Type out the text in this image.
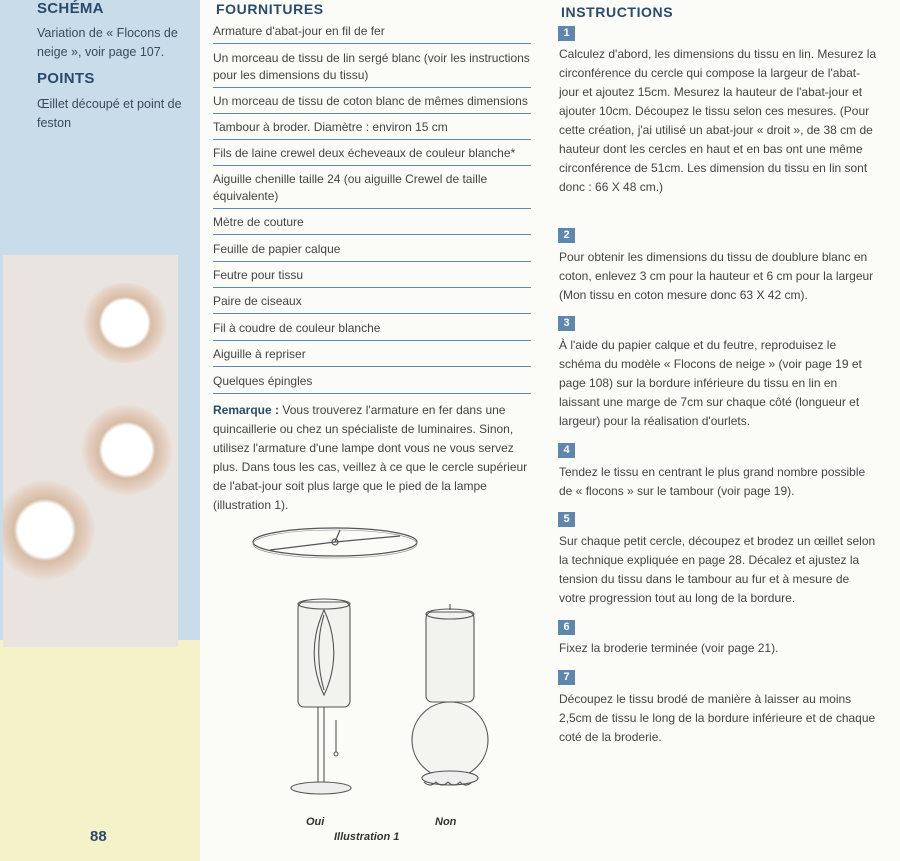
SCHÉMA
Variation de « Flocons de neige », voir page 107.
POINTS
Œillet découpé et point de feston
88
FOURNITURES
Armature d'abat-jour en fil de fer
Un morceau de tissu de lin sergé blanc (voir les instructions pour les dimensions du tissu)
Un morceau de tissu de coton blanc de mêmes dimensions
Tambour à broder. Diamètre : environ 15 cm
Fils de laine crewel deux écheveaux de couleur blanche*
Aiguille chenille taille 24 (ou aiguille Crewel de taille équivalente)
Mètre de couture
Feuille de papier calque
Feutre pour tissu
Paire de ciseaux
Fil à coudre de couleur blanche
Aiguille à repriser
Quelques épingles
Remarque : Vous trouverez l'armature en fer dans une quincaillerie ou chez un spécialiste de luminaires. Sinon, utilisez l'armature d'une lampe dont vous ne vous servez plus. Dans tous les cas, veillez à ce que le cercle supérieur de l'abat-jour soit plus large que le pied de la lampe (illustration 1).
Oui	Non
Illustration 1
INSTRUCTIONS
1
Calculez d'abord, les dimensions du tissu en lin. Mesurez la circonférence du cercle qui compose la largeur de l'abat-jour et ajoutez 15cm. Mesurez la hauteur de l'abat-jour et ajouter 10cm. Découpez le tissu selon ces mesures. (Pour cette création, j'ai utilisé un abat-jour « droit », de 38 cm de hauteur dont les cercles en haut et en bas ont une même circonférence de 51cm. Les dimension du tissu en lin sont donc : 66 X 48 cm.)
2
Pour obtenir les dimensions du tissu de doublure blanc en coton, enlevez 3 cm pour la hauteur et 6 cm pour la largeur (Mon tissu en coton mesure donc 63 X 42 cm).
3
À l'aide du papier calque et du feutre, reproduisez le schéma du modèle « Flocons de neige » (voir page 19 et page 108) sur la bordure inférieure du tissu en lin en laissant une marge de 7cm sur chaque côté (longueur et largeur) pour la réalisation d'ourlets.
4
Tendez le tissu en centrant le plus grand nombre possible de « flocons » sur le tambour (voir page 19).
5
Sur chaque petit cercle, découpez et brodez un œillet selon la technique expliquée en page 28. Décalez et ajustez la tension du tissu dans le tambour au fur et à mesure de votre progression tout au long de la bordure.
6
Fixez la broderie terminée (voir page 21).
7
Découpez le tissu brodé de manière à laisser au moins 2,5cm de tissu le long de la bordure inférieure et de chaque coté de la broderie.
